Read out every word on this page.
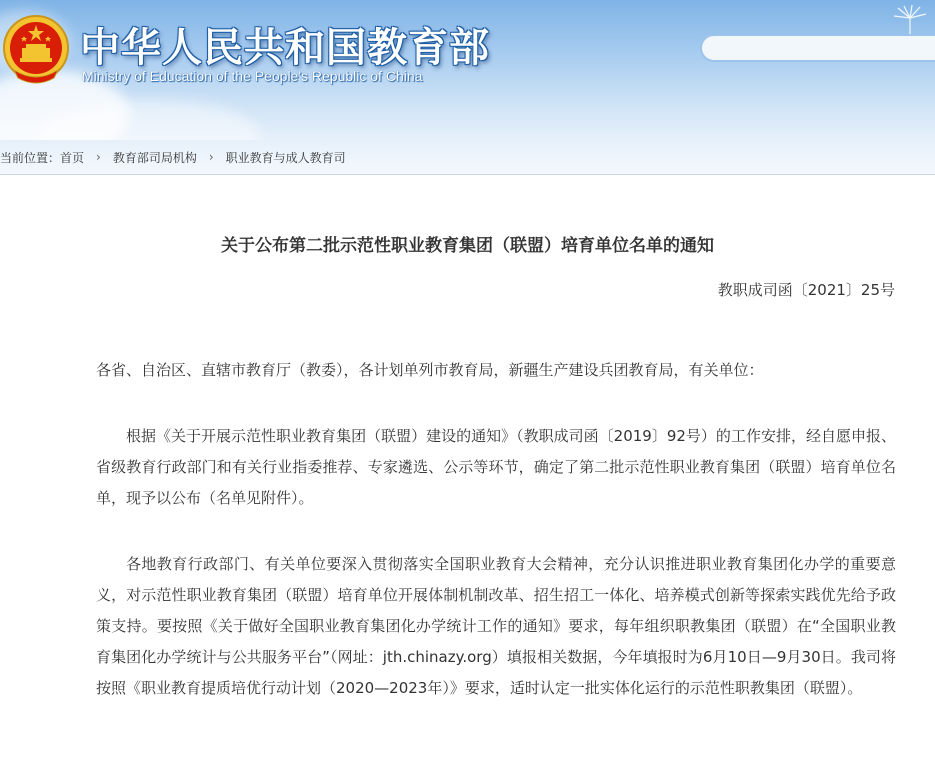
中华人民共和国教育部
Ministry of Education of the People's Republic of China
当前位置： 首页 › 教育部司局机构 › 职业教育与成人教育司
关于公布第二批示范性职业教育集团（联盟）培育单位名单的通知
教职成司函〔2021〕25号
各省、自治区、直辖市教育厅（教委），各计划单列市教育局，新疆生产建设兵团教育局，有关单位：
根据《关于开展示范性职业教育集团（联盟）建设的通知》（教职成司函〔2019〕92号）的工作安排，经自愿申报、省级教育行政部门和有关行业指委推荐、专家遴选、公示等环节，确定了第二批示范性职业教育集团（联盟）培育单位名单，现予以公布（名单见附件）。
各地教育行政部门、有关单位要深入贯彻落实全国职业教育大会精神，充分认识推进职业教育集团化办学的重要意义，对示范性职业教育集团（联盟）培育单位开展体制机制改革、招生招工一体化、培养模式创新等探索实践优先给予政策支持。要按照《关于做好全国职业教育集团化办学统计工作的通知》要求，每年组织职教集团（联盟）在“全国职业教育集团化办学统计与公共服务平台”（网址：jth.chinazy.org）填报相关数据，今年填报时为6月10日—9月30日。我司将按照《职业教育提质培优行动计划（2020—2023年）》要求，适时认定一批实体化运行的示范性职教集团（联盟）。
